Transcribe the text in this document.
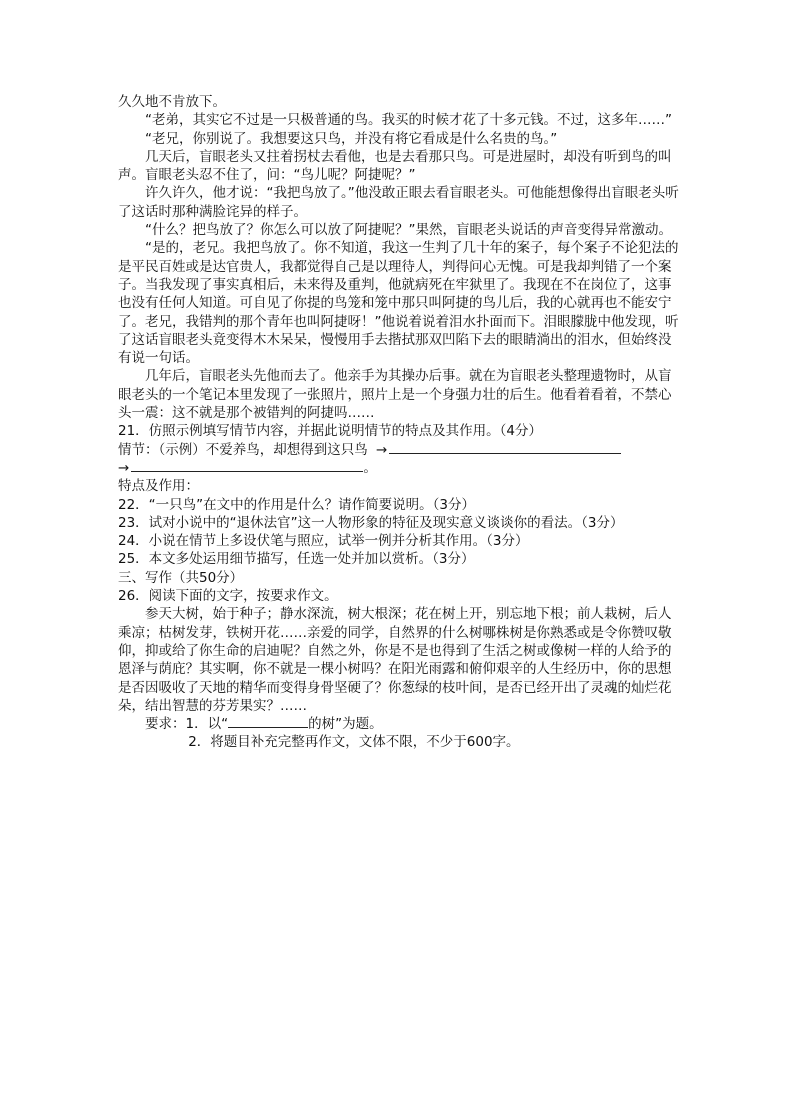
久久地不肯放下。
“老弟，其实它不过是一只极普通的鸟。我买的时候才花了十多元钱。不过，这多年……”
“老兄，你别说了。我想要这只鸟，并没有将它看成是什么名贵的鸟。”
几天后，盲眼老头又拄着拐杖去看他，也是去看那只鸟。可是进屋时，却没有听到鸟的叫声。盲眼老头忍不住了，问：“鸟儿呢？阿捷呢？”
许久许久，他才说：“我把鸟放了。”他没敢正眼去看盲眼老头。可他能想像得出盲眼老头听了这话时那种满脸诧异的样子。
“什么？把鸟放了？你怎么可以放了阿捷呢？”果然，盲眼老头说话的声音变得异常激动。
“是的，老兄。我把鸟放了。你不知道，我这一生判了几十年的案子，每个案子不论犯法的是平民百姓或是达官贵人，我都觉得自己是以理待人，判得问心无愧。可是我却判错了一个案子。当我发现了事实真相后，未来得及重判，他就病死在牢狱里了。我现在不在岗位了，这事也没有任何人知道。可自见了你提的鸟笼和笼中那只叫阿捷的鸟儿后，我的心就再也不能安宁了。老兄，我错判的那个青年也叫阿捷呀！”他说着说着泪水扑面而下。泪眼朦胧中他发现，听了这话盲眼老头竟变得木木呆呆，慢慢用手去揩拭那双凹陷下去的眼睛淌出的泪水，但始终没有说一句话。
几年后，盲眼老头先他而去了。他亲手为其操办后事。就在为盲眼老头整理遗物时，从盲眼老头的一个笔记本里发现了一张照片，照片上是一个身强力壮的后生。他看着看着，不禁心头一震：这不就是那个被错判的阿捷吗……
21．仿照示例填写情节内容，并据此说明情节的特点及其作用。（4分）
情节：（示例）不爱养鸟，却想得到这只鸟 →
→	。
特点及作用：
22．“一只鸟”在文中的作用是什么？请作简要说明。（3分）
23．试对小说中的“退休法官”这一人物形象的特征及现实意义谈谈你的看法。（3分）
24．小说在情节上多设伏笔与照应，试举一例并分析其作用。（3分）
25．本文多处运用细节描写，任选一处并加以赏析。（3分）
三、写作（共50分）
26．阅读下面的文字，按要求作文。
参天大树，始于种子；静水深流，树大根深；花在树上开，别忘地下根；前人栽树，后人乘凉；枯树发芽，铁树开花……亲爱的同学，自然界的什么树哪株树是你熟悉或是令你赞叹敬仰，抑或给了你生命的启迪呢？自然之外，你是不是也得到了生活之树或像树一样的人给予的恩泽与荫庇？其实啊，你不就是一棵小树吗？在阳光雨露和俯仰艰辛的人生经历中，你的思想是否因吸收了天地的精华而变得身骨坚硬了？你葱绿的枝叶间，是否已经开出了灵魂的灿烂花朵，结出智慧的芬芳果实？……
要求：1．以“	的树”为题。
2．将题目补充完整再作文，文体不限，不少于600字。
